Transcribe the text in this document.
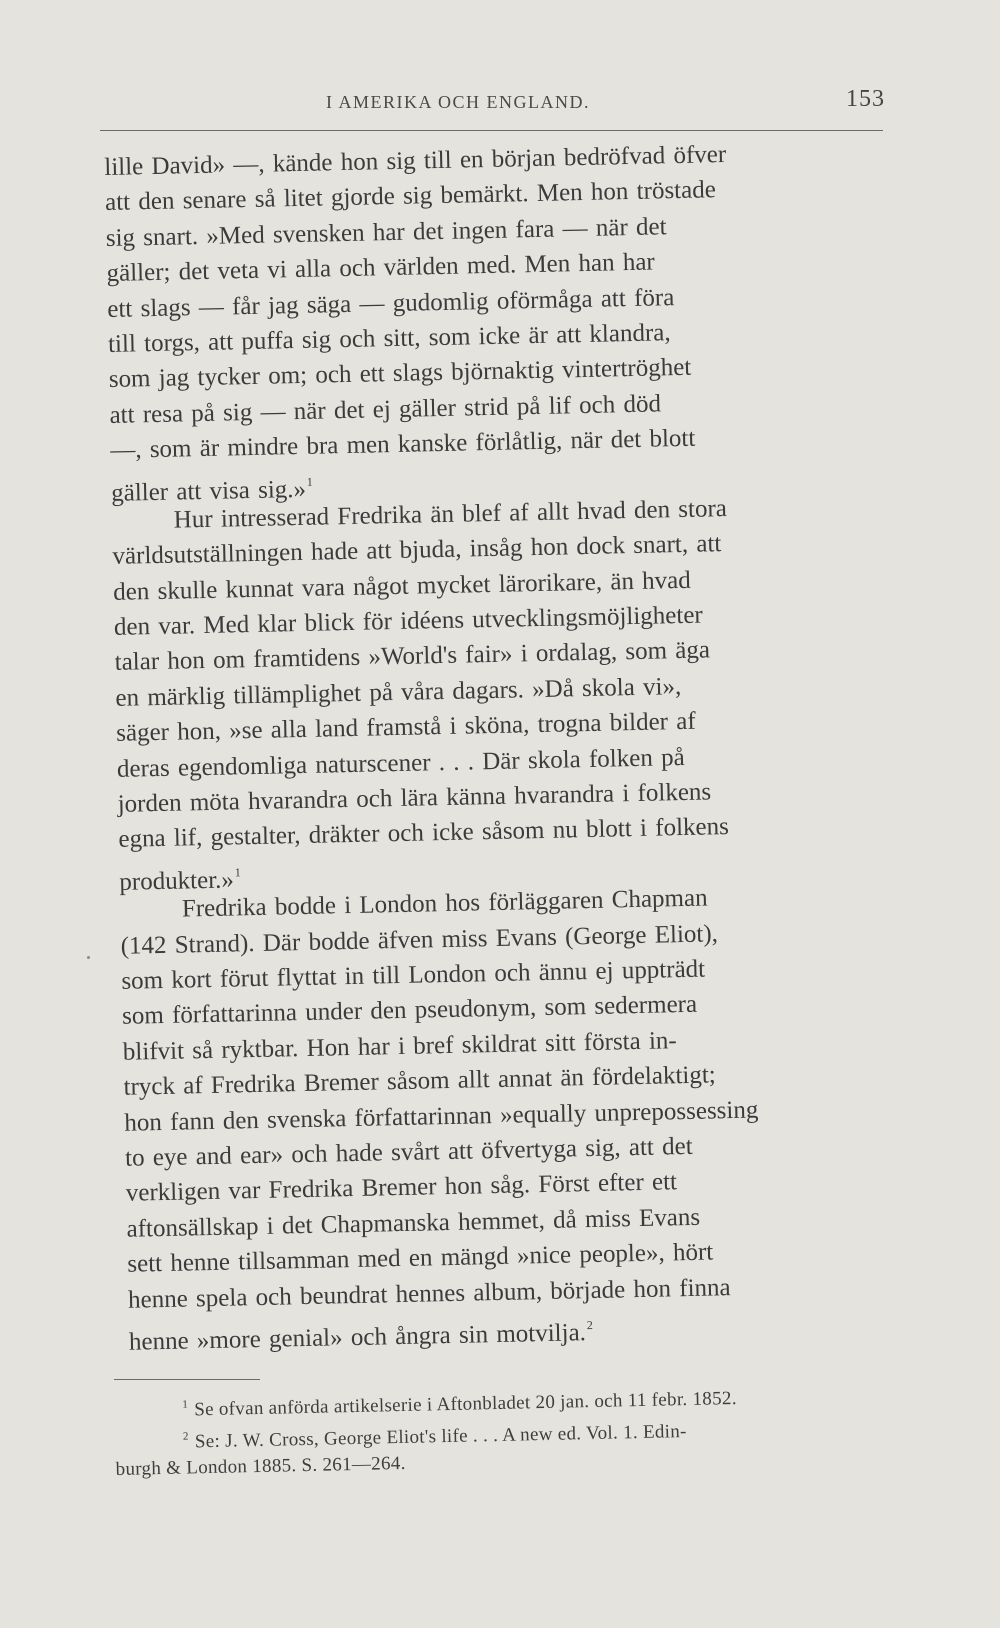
I AMERIKA OCH ENGLAND.	153
lille David» —, kände hon sig till en början bedröfvad öfver
att den senare så litet gjorde sig bemärkt. Men hon tröstade
sig snart. »Med svensken har det ingen fara — när det
gäller; det veta vi alla och världen med. Men han har
ett slags — får jag säga — gudomlig oförmåga att föra
till torgs, att puffa sig och sitt, som icke är att klandra,
som jag tycker om; och ett slags björnaktig vintertröghet
att resa på sig — när det ej gäller strid på lif och död
—, som är mindre bra men kanske förlåtlig, när det blott
gäller att visa sig.»$^1$
Hur intresserad Fredrika än blef af allt hvad den stora
världsutställningen hade att bjuda, insåg hon dock snart, att
den skulle kunnat vara något mycket lärorikare, än hvad
den var. Med klar blick för idéens utvecklingsmöjligheter
talar hon om framtidens »World's fair» i ordalag, som äga
en märklig tillämplighet på våra dagars. »Då skola vi»,
säger hon, »se alla land framstå i sköna, trogna bilder af
deras egendomliga naturscener . . . Där skola folken på
jorden möta hvarandra och lära känna hvarandra i folkens
egna lif, gestalter, dräkter och icke såsom nu blott i folkens
produkter.»$^1$
Fredrika bodde i London hos förläggaren Chapman
(142 Strand). Där bodde äfven miss Evans (George Eliot),
som kort förut flyttat in till London och ännu ej uppträdt
som författarinna under den pseudonym, som sedermera
blifvit så ryktbar. Hon har i bref skildrat sitt första in-
tryck af Fredrika Bremer såsom allt annat än fördelaktigt;
hon fann den svenska författarinnan »equally unprepossessing
to eye and ear» och hade svårt att öfvertyga sig, att det
verkligen var Fredrika Bremer hon såg. Först efter ett
aftonsällskap i det Chapmanska hemmet, då miss Evans
sett henne tillsamman med en mängd »nice people», hört
henne spela och beundrat hennes album, började hon finna
henne »more genial» och ångra sin motvilja.$^2$
$^1$ Se ofvan anförda artikelserie i Aftonbladet 20 jan. och 11 febr. 1852.
$^2$ Se: J. W. Cross, George Eliot's life . . . A new ed. Vol. 1. Edin-
burgh & London 1885. S. 261—264.
